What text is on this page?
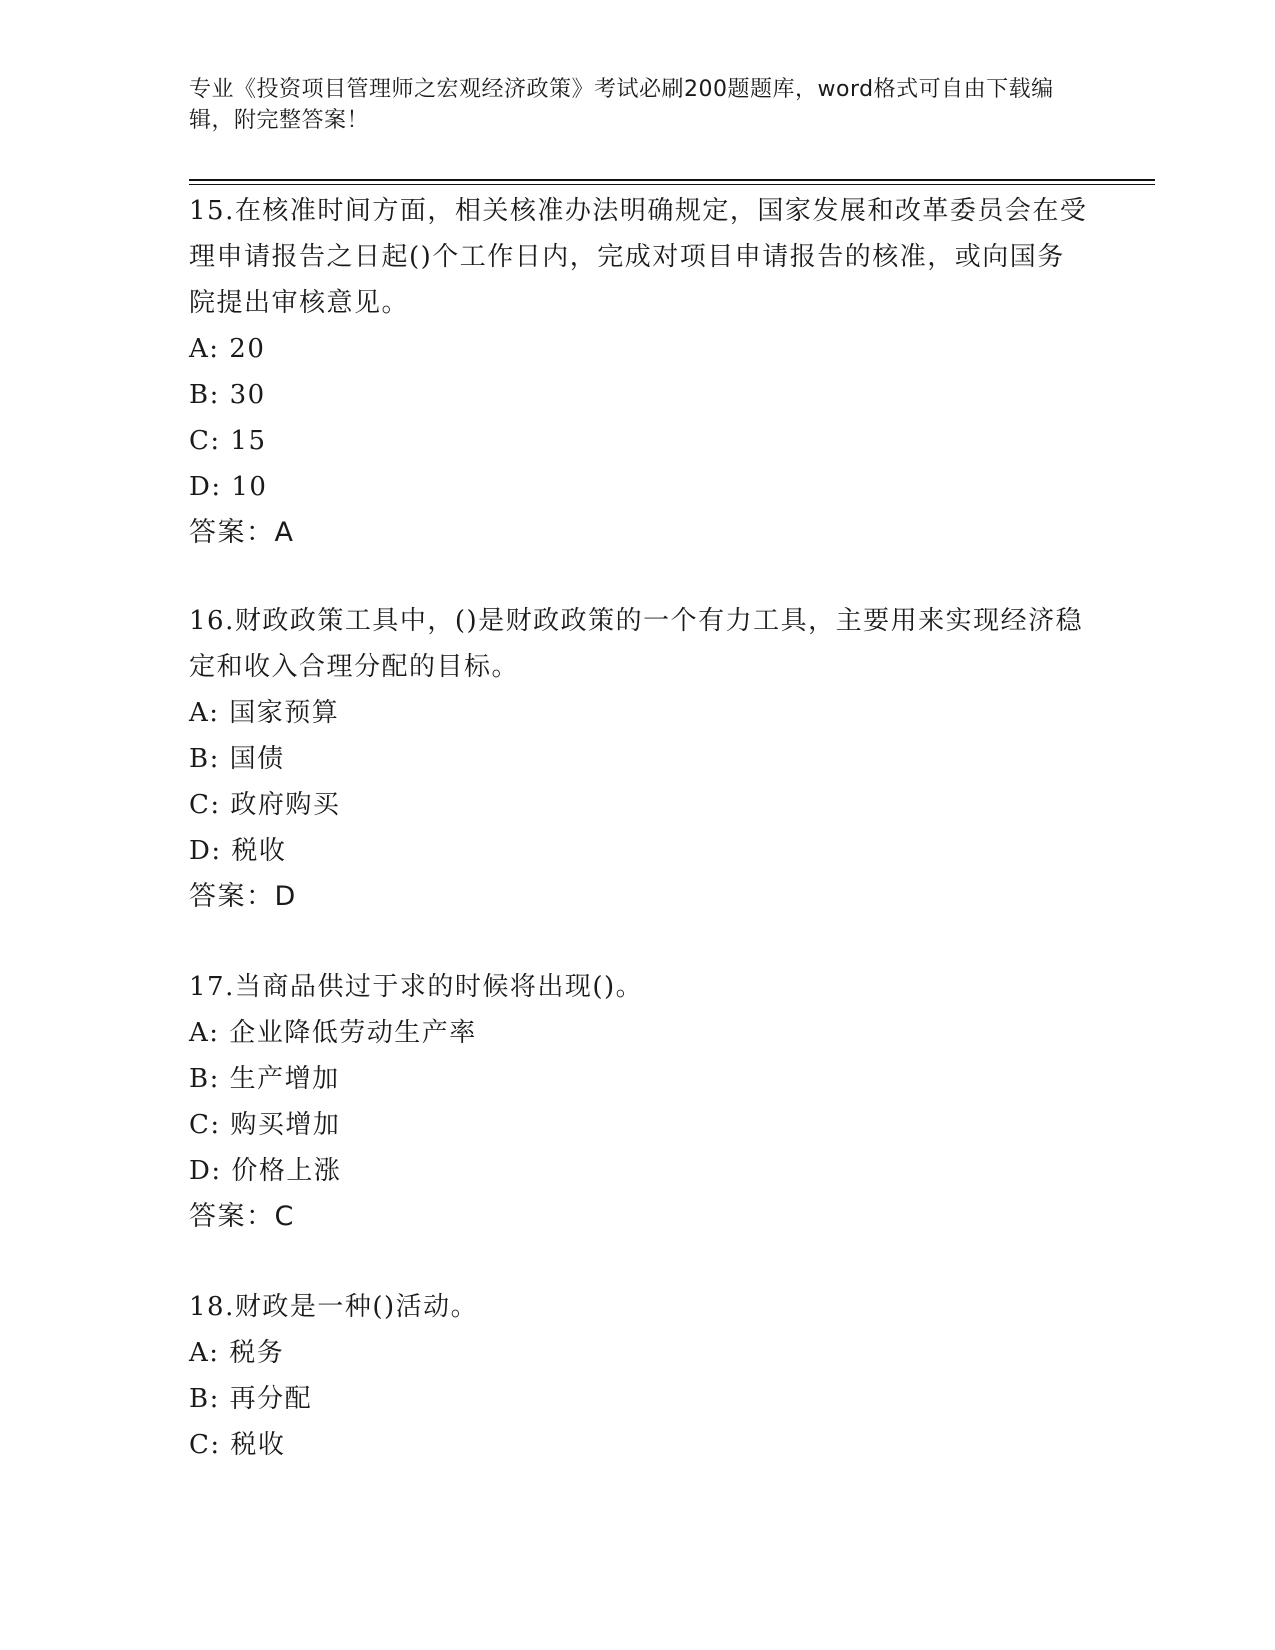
专业《投资项目管理师之宏观经济政策》考试必刷200题题库，word格式可自由下载编辑，附完整答案！
15.在核准时间方面，相关核准办法明确规定，国家发展和改革委员会在受理申请报告之日起()个工作日内，完成对项目申请报告的核准，或向国务院提出审核意见。
A: 20
B: 30
C: 15
D: 10
答案：A
16.财政政策工具中，()是财政政策的一个有力工具，主要用来实现经济稳定和收入合理分配的目标。
A: 国家预算
B: 国债
C: 政府购买
D: 税收
答案：D
17.当商品供过于求的时候将出现()。
A: 企业降低劳动生产率
B: 生产增加
C: 购买增加
D: 价格上涨
答案：C
18.财政是一种()活动。
A: 税务
B: 再分配
C: 税收
